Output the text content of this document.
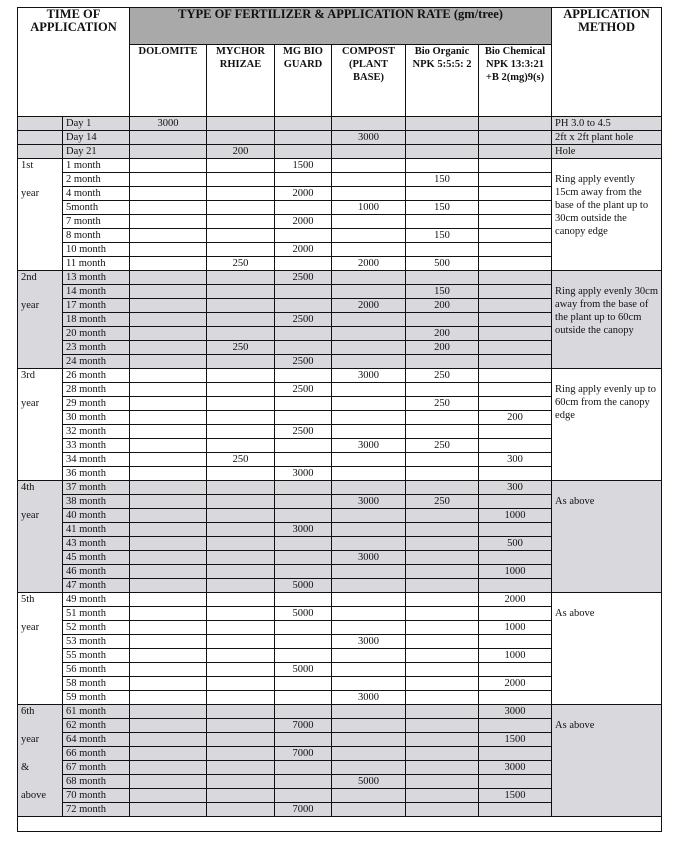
TIME OF APPLICATION		TYPE OF FERTILIZER & APPLICATION RATE (gm/tree)						APPLICATION METHOD
		DOLOMITE	MYCHOR RHIZAE	MG BIO GUARD	COMPOST (PLANT BASE)	Bio Organic NPK 5:5:5: 2	Bio Chemical NPK 13:3:21 +B 2(mg)9(s)	
	Day 1	3000						PH 3.0 to 4.5
	Day 14				3000			2ft x 2ft plant hole
	Day 21		200					Hole

1st
year	1 month			1500				Ring apply evently 15cm away from the base of the plant up to 30cm outside the canopy edge

	2 month					150		
	4 month			2000				
	5month				1000	150		
	7 month			2000				
	8 month					150		
	10 month			2000				
	11 month		250		2000	500		

2nd
year	13 month			2500				Ring apply evenly 30cm away from the base of the plant up to 60cm outside the canopy

	14 month					150		
	17 month				2000	200		
	18 month			2500				
	20 month					200		
	23 month		250			200		
	24 month			2500				

3rd
year	26 month				3000	250		Ring apply evenly up to 60cm from the canopy edge

	28 month			2500				
	29 month					250		
	30 month						200	
	32 month			2500				
	33 month				3000	250		
	34 month		250				300	
	36 month			3000				

4th
year	37 month						300	As above

	38 month				3000	250		
	40 month						1000	
	41 month			3000				
	43 month						500	
	45 month				3000			
	46 month						1000	
	47 month			5000				

5th
year	49 month						2000	As above

	51 month			5000				
	52 month						1000	
	53 month				3000			
	55 month						1000	
	56 month			5000				
	58 month						2000	
	59 month				3000			

6th
year
&
above	61 month						3000	As above

	62 month			7000				
	64 month						1500	
	66 month			7000				
	67 month						3000	
	68 month				5000			
	70 month						1500	
	72 month			7000				
